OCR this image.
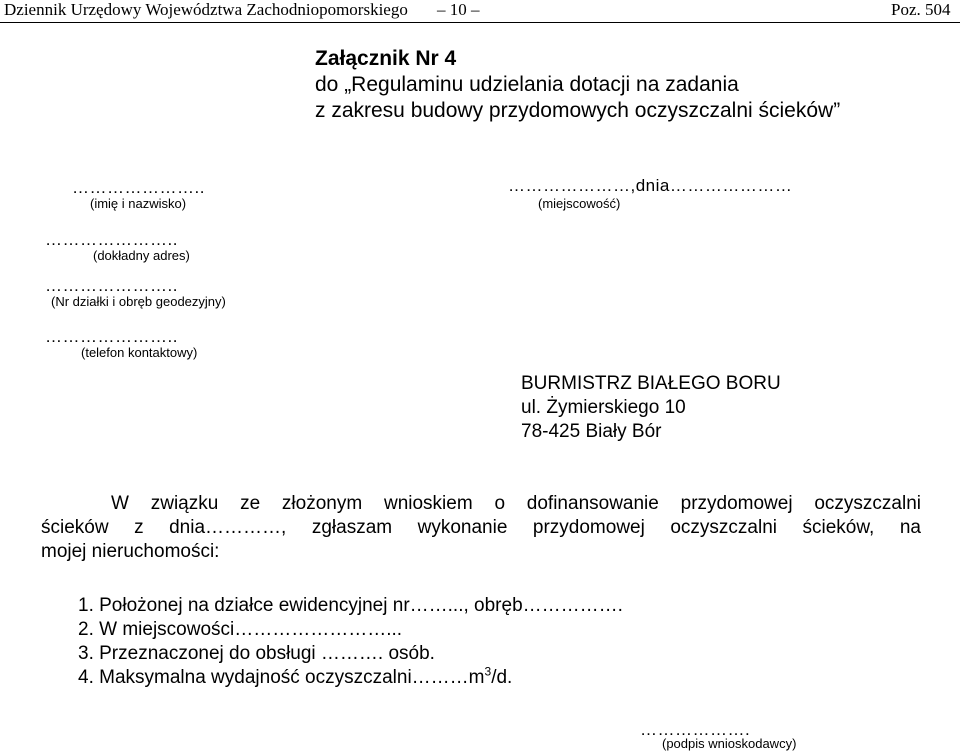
Dziennik Urzędowy Województwa Zachodniopomorskiego – 10 –	Poz. 504
Załącznik Nr 4
do „Regulaminu udzielania dotacji na zadania
z zakresu budowy przydomowych oczyszczalni ścieków”
…………………..
(imię i nazwisko)
…………………,dnia…………………
(miejscowość)
…………………..
(dokładny adres)
…………………..
(Nr działki i obręb geodezyjny)
…………………..
(telefon kontaktowy)
BURMISTRZ BIAŁEGO BORU
ul. Żymierskiego 10
78-425 Biały Bór
W związku ze złożonym wnioskiem o dofinansowanie przydomowej oczyszczalni
ścieków z dnia…………, zgłaszam wykonanie przydomowej oczyszczalni ścieków, na
mojej nieruchomości:
1. Położonej na działce ewidencyjnej nr……..., obręb…………….
2. W miejscowości……………………...
3. Przeznaczonej do obsługi ………. osób.
4. Maksymalna wydajność $oczyszczalni\dots\dots\dots m^3/d$.
……………….
(podpis wnioskodawcy)
